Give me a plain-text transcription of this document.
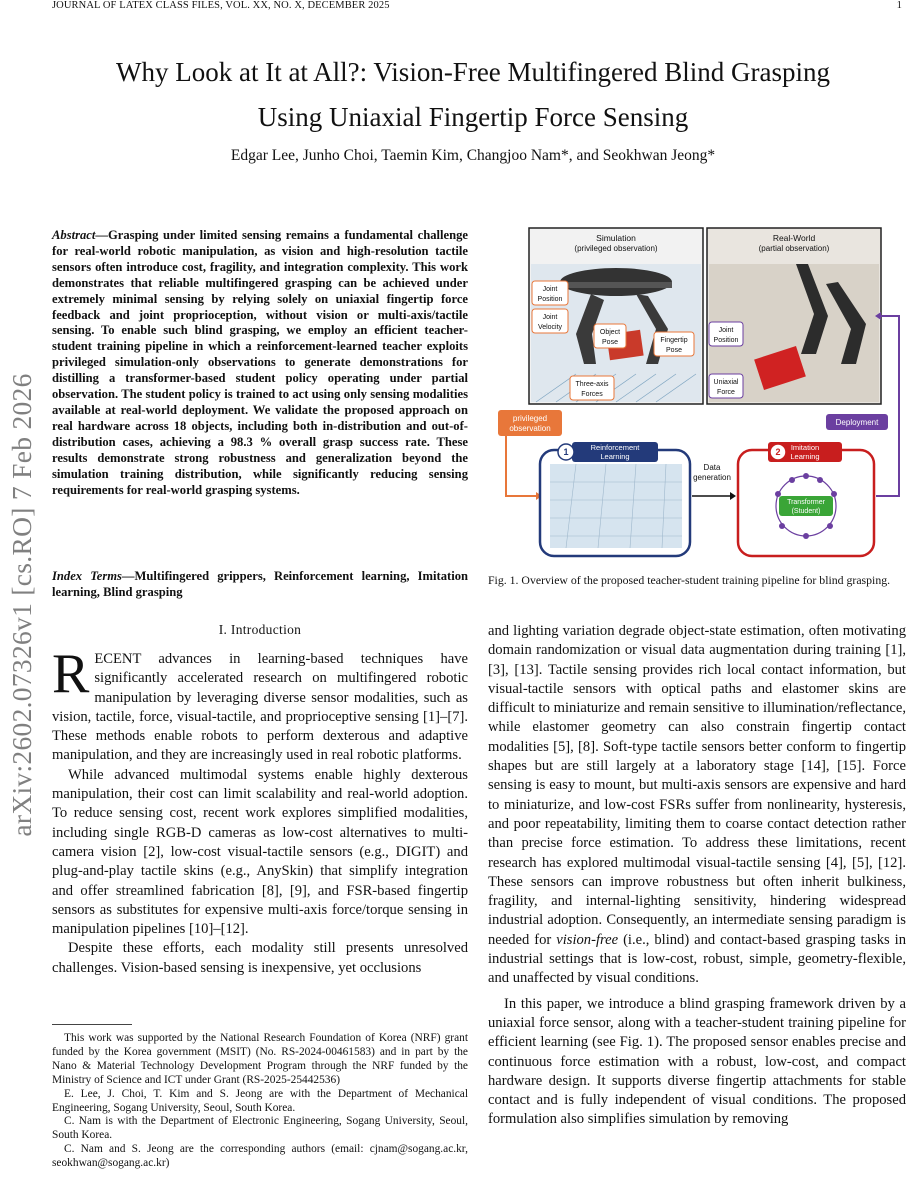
JOURNAL OF LATEX CLASS FILES, VOL. XX, NO. X, DECEMBER 2025	1
arXiv:2602.07326v1 [cs.RO] 7 Feb 2026
Why Look at It at All?: Vision-Free Multifingered Blind Grasping
Using Uniaxial Fingertip Force Sensing
Edgar Lee, Junho Choi, Taemin Kim, Changjoo Nam*, and Seokhwan Jeong*
Abstract—Grasping under limited sensing remains a fundamental challenge for real-world robotic manipulation, as vision and high-resolution tactile sensors often introduce cost, fragility, and integration complexity. This work demonstrates that reliable multifingered grasping can be achieved under extremely minimal sensing by relying solely on uniaxial fingertip force feedback and joint proprioception, without vision or multi-axis/tactile sensing. To enable such blind grasping, we employ an efficient teacher-student training pipeline in which a reinforcement-learned teacher exploits privileged simulation-only observations to generate demonstrations for distilling a transformer-based student policy operating under partial observation. The student policy is trained to act using only sensing modalities available at real-world deployment. We validate the proposed approach on real hardware across 18 objects, including both in-distribution and out-of-distribution cases, achieving a 98.3 % overall grasp success rate. These results demonstrate strong robustness and generalization beyond the simulation training distribution, while significantly reducing sensing requirements for real-world grasping systems.
Index Terms—Multifingered grippers, Reinforcement learning, Imitation learning, Blind grasping
I. Introduction

RECENT advances in learning-based techniques have significantly accelerated research on multifingered robotic manipulation by leveraging diverse sensor modalities, such as vision, tactile, force, visual-tactile, and proprioceptive sensing [1]–[7]. These methods enable robots to perform dexterous and adaptive manipulation, and they are increasingly used in real robotic platforms.

While advanced multimodal systems enable highly dexterous manipulation, their cost can limit scalability and real-world adoption. To reduce sensing cost, recent work explores simplified modalities, including single RGB-D cameras as low-cost alternatives to multi-camera vision [2], low-cost visual-tactile sensors (e.g., DIGIT) and plug-and-play tactile skins (e.g., AnySkin) that simplify integration and offer streamlined fabrication [8], [9], and FSR-based fingertip sensors as substitutes for expensive multi-axis force/torque sensing in manipulation pipelines [10]–[12].

Despite these efforts, each modality still presents unresolved challenges. Vision-based sensing is inexpensive, yet occlusions

This work was supported by the National Research Foundation of Korea (NRF) grant funded by the Korea government (MSIT) (No. RS-2024-00461583) and in part by the Nano & Material Technology Development Program through the NRF funded by the Ministry of Science and ICT under Grant (RS-2025-25442536)

E. Lee, J. Choi, T. Kim and S. Jeong are with the Department of Mechanical Engineering, Sogang University, Seoul, South Korea.

C. Nam is with the Department of Electronic Engineering, Sogang University, Seoul, South Korea.

C. Nam and S. Jeong are the corresponding authors (email: cjnam@sogang.ac.kr, seokhwan@sogang.ac.kr)

Simulation
(privileged observation)
Joint Position
Joint Velocity
Object Pose	Fingertip Pose
Three-axis Forces
Real-World
(partial observation)
Joint Position
Uniaxial Force
privileged observation
Deployment
Reinforcement Learning
1
Data generation
Imitation Learning
2
Transformer (Student)
Fig. 1. Overview of the proposed teacher-student training pipeline for blind grasping.

and lighting variation degrade object-state estimation, often motivating domain randomization or visual data augmentation during training [1], [3], [13]. Tactile sensing provides rich local contact information, but visual-tactile sensors with optical paths and elastomer skins are difficult to miniaturize and remain sensitive to illumination/reflectance, while elastomer geometry can also constrain fingertip contact modalities [5], [8]. Soft-type tactile sensors better conform to fingertip shapes but are still largely at a laboratory stage [14], [15]. Force sensing is easy to mount, but multi-axis sensors are expensive and hard to miniaturize, and low-cost FSRs suffer from nonlinearity, hysteresis, and poor repeatability, limiting them to coarse contact detection rather than precise force estimation. To address these limitations, recent research has explored multimodal visual-tactile sensing [4], [5], [12]. These sensors can improve robustness but often inherit bulkiness, fragility, and internal-lighting sensitivity, hindering widespread industrial adoption. Consequently, an intermediate sensing paradigm is needed for vision-free (i.e., blind) and contact-based grasping tasks in industrial settings that is low-cost, robust, simple, geometry-flexible, and unaffected by visual conditions.

In this paper, we introduce a blind grasping framework driven by a uniaxial force sensor, along with a teacher-student training pipeline for efficient learning (see Fig. 1). The proposed sensor enables precise and continuous force estimation with a robust, low-cost, and compact hardware design. It supports diverse fingertip attachments for stable contact and is fully independent of visual conditions. The proposed formulation also simplifies simulation by removing
